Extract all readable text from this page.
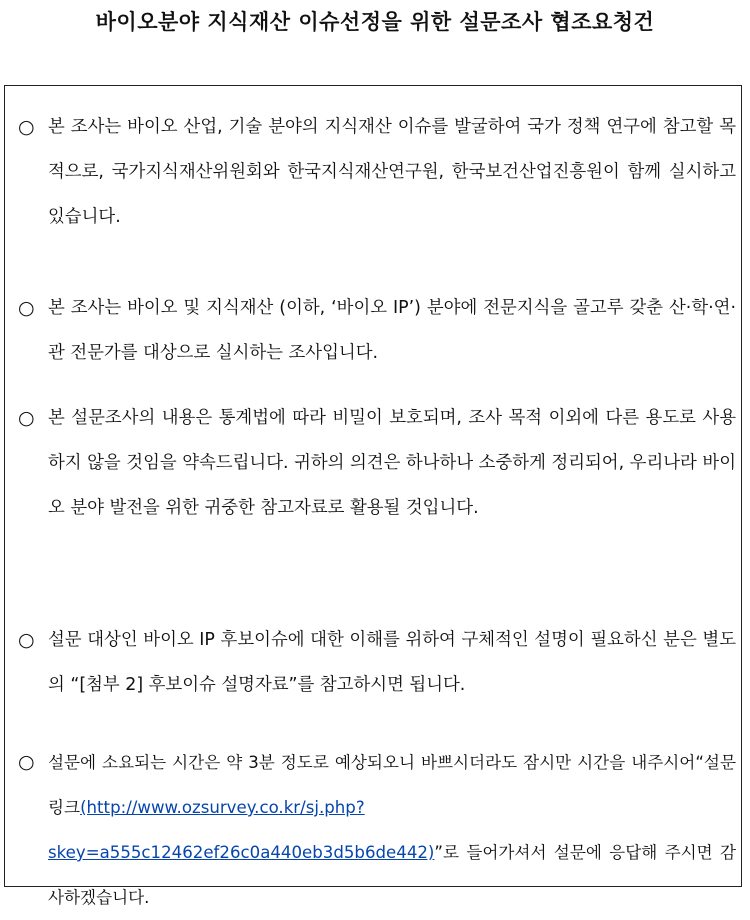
바이오분야 지식재산 이슈선정을 위한 설문조사 협조요청건
○ 본 조사는 바이오 산업, 기술 분야의 지식재산 이슈를 발굴하여 국가 정책 연구에 참고할 목적으로, 국가지식재산위원회와 한국지식재산연구원, 한국보건산업진흥원이 함께 실시하고 있습니다.
○ 본 조사는 바이오 및 지식재산 (이하, ‘바이오 IP’) 분야에 전문지식을 골고루 갖춘 산·학·연·관 전문가를 대상으로 실시하는 조사입니다.
○ 본 설문조사의 내용은 통계법에 따라 비밀이 보호되며, 조사 목적 이외에 다른 용도로 사용하지 않을 것임을 약속드립니다. 귀하의 의견은 하나하나 소중하게 정리되어, 우리나라 바이오 분야 발전을 위한 귀중한 참고자료로 활용될 것입니다.
○ 설문 대상인 바이오 IP 후보이슈에 대한 이해를 위하여 구체적인 설명이 필요하신 분은 별도의 “[첨부 2] 후보이슈 설명자료”를 참고하시면 됩니다.
○ 설문에 소요되는 시간은 약 3분 정도로 예상되오니 바쁘시더라도 잠시만 시간을 내주시어“설문링크(http://www.ozsurvey.co.kr/sj.php?skey=a555c12462ef26c0a440eb3d5b6de442)”로 들어가셔서 설문에 응답해 주시면 감사하겠습니다.
